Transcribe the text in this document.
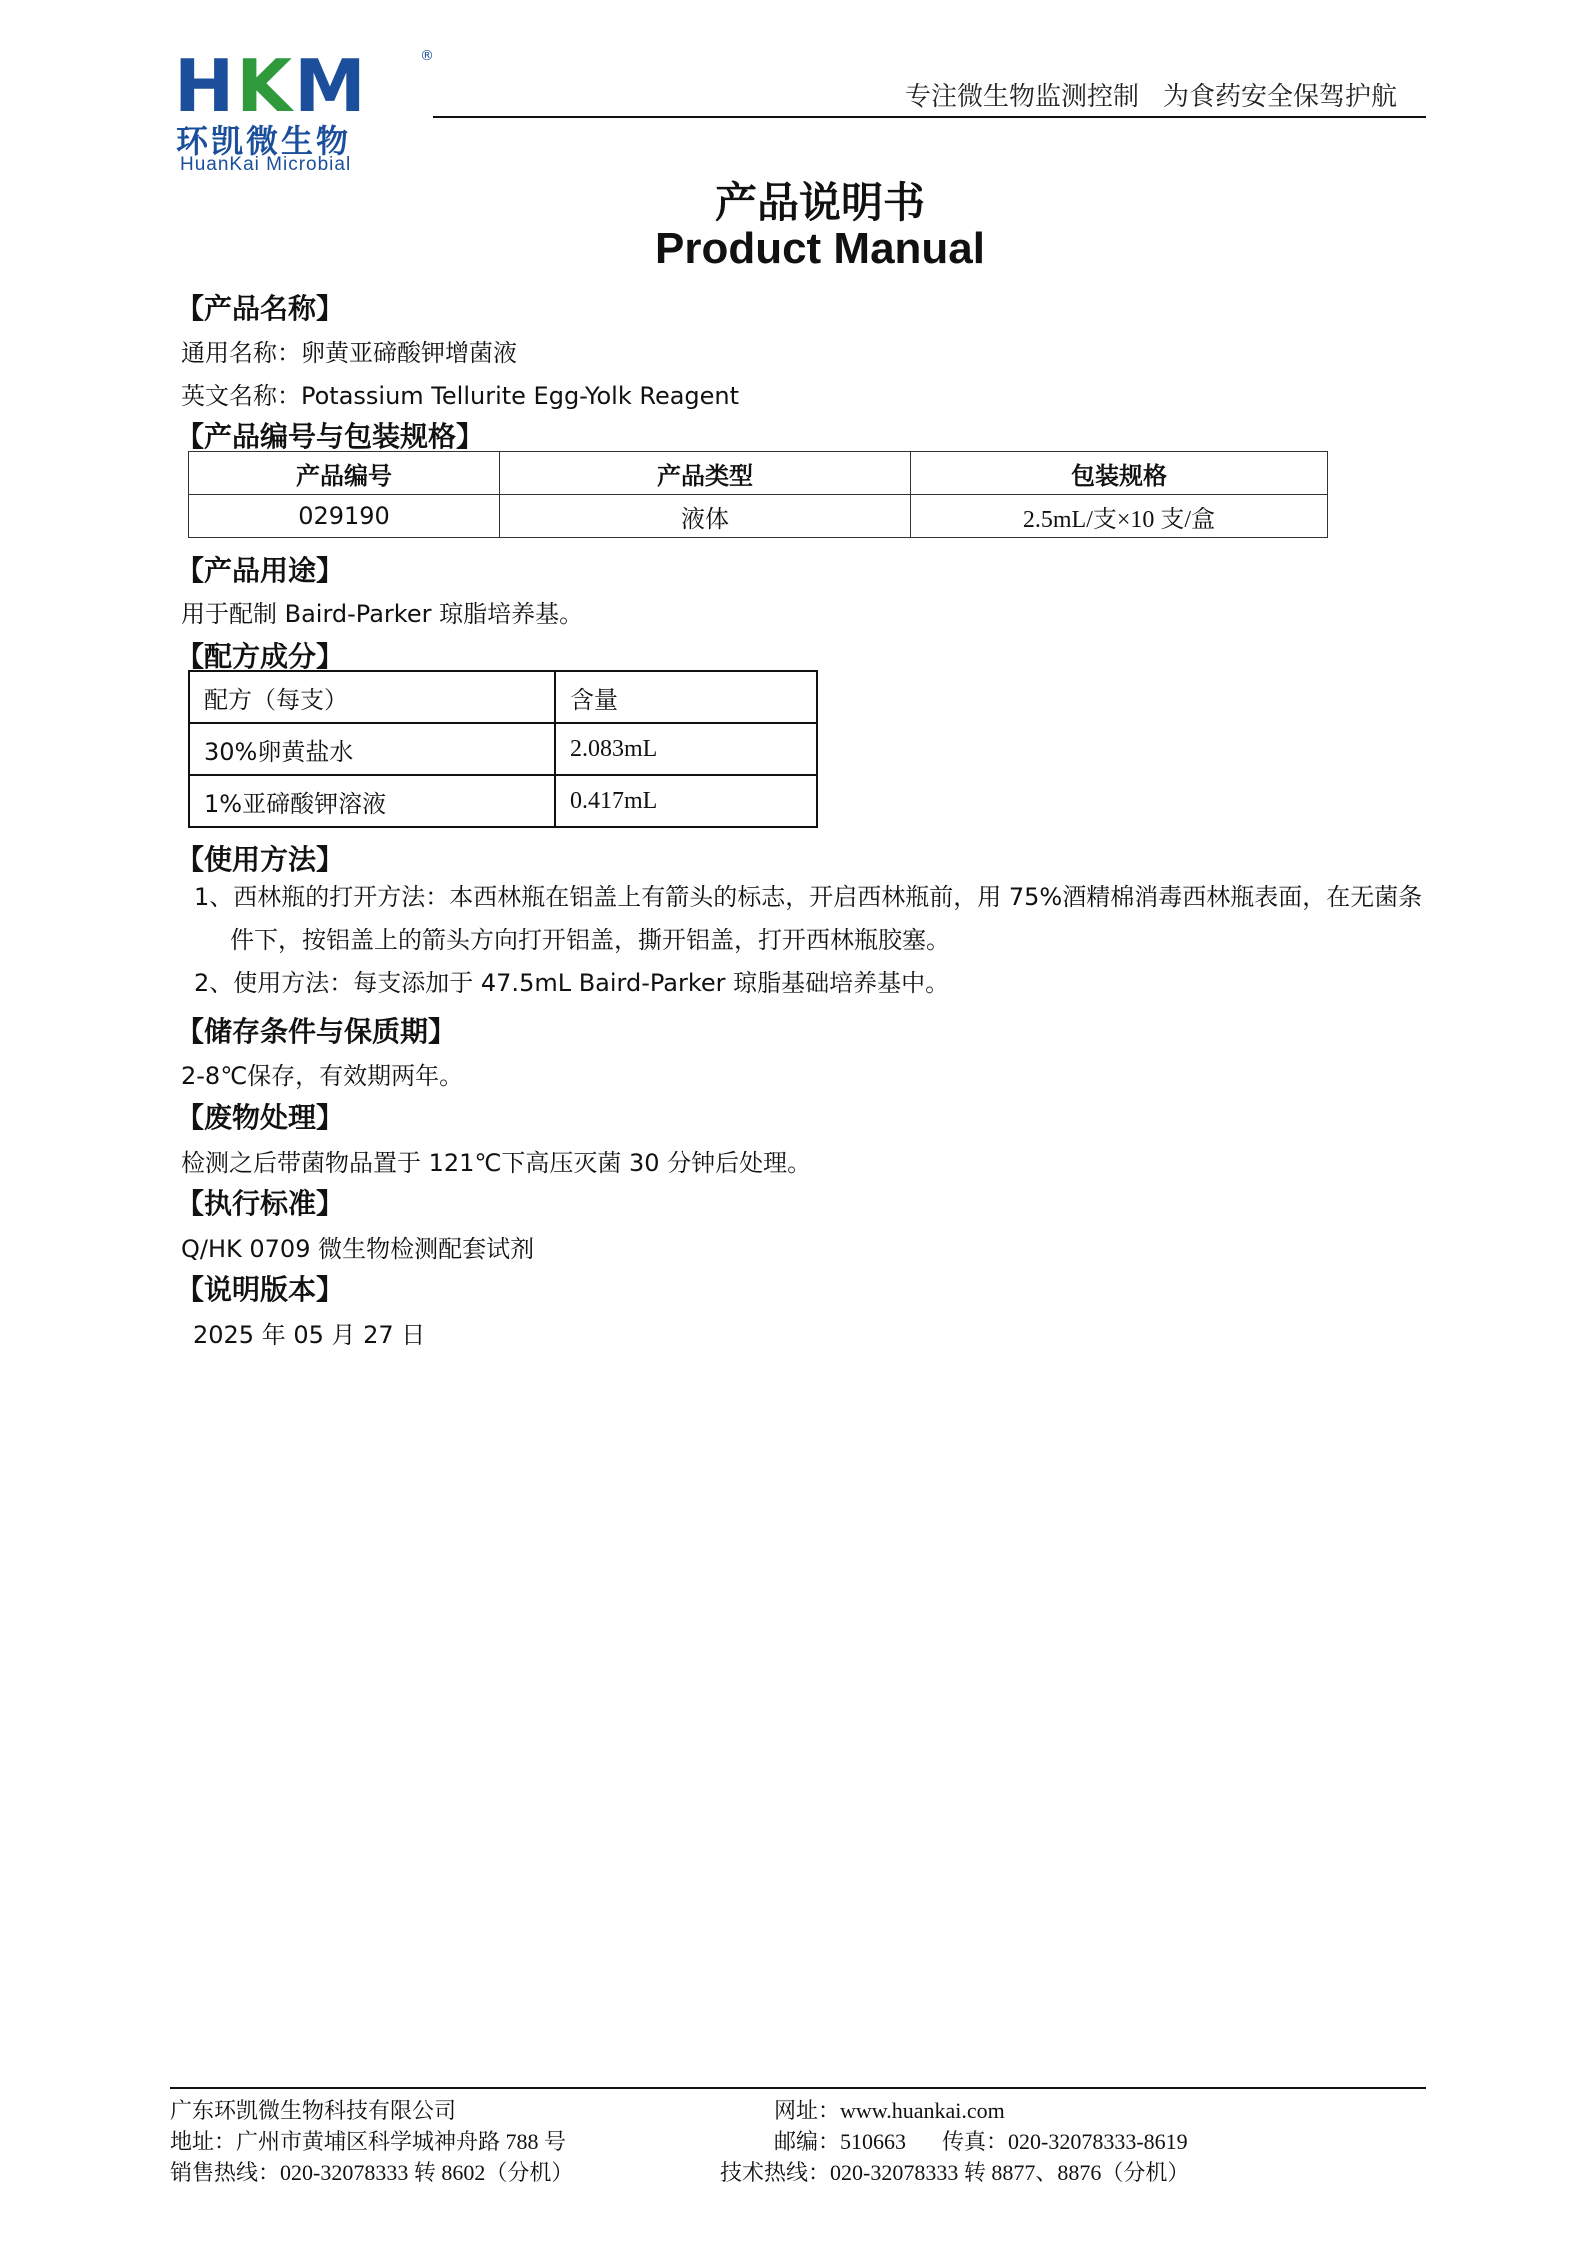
HKM	®
环凯微生物
HuanKai Microbial
专注微生物监测控制 为食药安全保驾护航
产品说明书
Product Manual
【产品名称】
通用名称：卵黄亚碲酸钾增菌液
英文名称：Potassium Tellurite Egg-Yolk Reagent
【产品编号与包装规格】
产品编号	产品类型	包装规格
029190	液体	2.5mL/支×10 支/盒
【产品用途】
用于配制 Baird-Parker 琼脂培养基。
【配方成分】
配方（每支）	含量
30%卵黄盐水	2.083mL
1%亚碲酸钾溶液	0.417mL
【使用方法】
1、西林瓶的打开方法：本西林瓶在铝盖上有箭头的标志，开启西林瓶前，用 75%酒精棉消毒西林瓶表面，在无菌条
件下，按铝盖上的箭头方向打开铝盖，撕开铝盖，打开西林瓶胶塞。
2、使用方法：每支添加于 47.5mL Baird-Parker 琼脂基础培养基中。
【储存条件与保质期】
2-8℃保存，有效期两年。
【废物处理】
检测之后带菌物品置于 121℃下高压灭菌 30 分钟后处理。
【执行标准】
Q/HK 0709 微生物检测配套试剂
【说明版本】
2025 年 05 月 27 日
广东环凯微生物科技有限公司
地址：广州市黄埔区科学城神舟路 788 号
销售热线：020-32078333 转 8602（分机）
网址：www.huankai.com
邮编：510663 传真：020-32078333-8619
技术热线：020-32078333 转 8877、8876（分机）
